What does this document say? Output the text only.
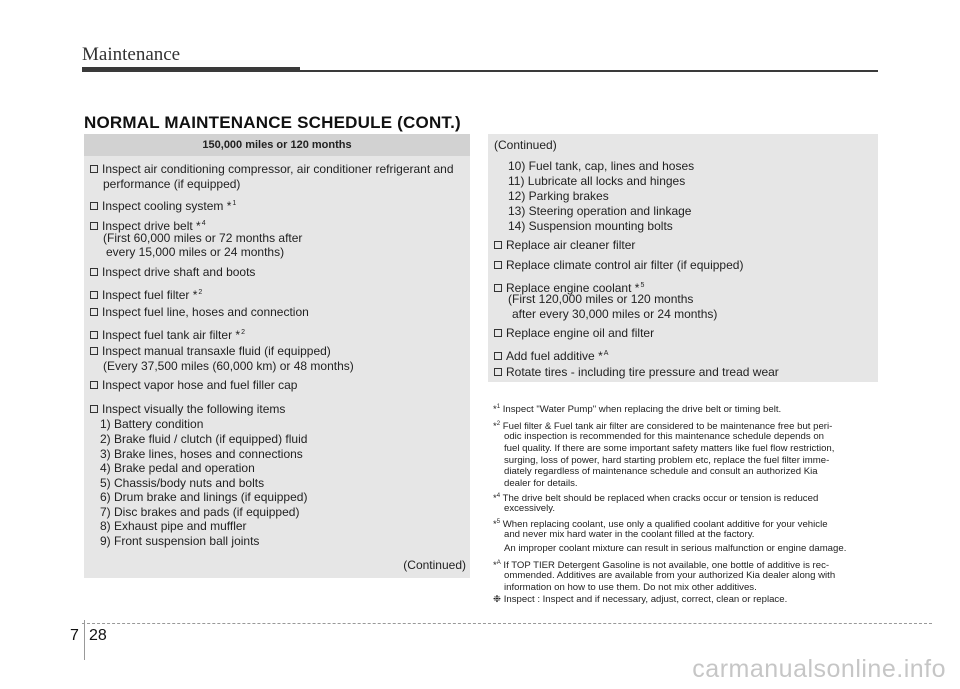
Maintenance
NORMAL MAINTENANCE SCHEDULE (CONT.)
150,000 miles or 120 months
Inspect air conditioning compressor, air conditioner refrigerant and
performance (if equipped)
Inspect cooling system *$^1$
Inspect drive belt *$^4$
(First 60,000 miles or 72 months after
every 15,000 miles or 24 months)
Inspect drive shaft and boots
Inspect fuel filter *$^2$
Inspect fuel line, hoses and connection
Inspect fuel tank air filter *$^2$
Inspect manual transaxle fluid (if equipped)
(Every 37,500 miles (60,000 km) or 48 months)
Inspect vapor hose and fuel filler cap
Inspect visually the following items
1) Battery condition
2) Brake fluid / clutch (if equipped) fluid
3) Brake lines, hoses and connections
4) Brake pedal and operation
5) Chassis/body nuts and bolts
6) Drum brake and linings (if equipped)
7) Disc brakes and pads (if equipped)
8) Exhaust pipe and muffler
9) Front suspension ball joints
(Continued)
(Continued)
10) Fuel tank, cap, lines and hoses
11) Lubricate all locks and hinges
12) Parking brakes
13) Steering operation and linkage
14) Suspension mounting bolts
Replace air cleaner filter
Replace climate control air filter (if equipped)
Replace engine coolant *$^5$
(First 120,000 miles or 120 months
after every 30,000 miles or 24 months)
Replace engine oil and filter
Add fuel additive *$^A$
Rotate tires - including tire pressure and tread wear
*$^1$ Inspect "Water Pump" when replacing the drive belt or timing belt.
*$^2$ Fuel filter & Fuel tank air filter are considered to be maintenance free but peri-
odic inspection is recommended for this maintenance schedule depends on
fuel quality. If there are some important safety matters like fuel flow restriction,
surging, loss of power, hard starting problem etc, replace the fuel filter imme-
diately regardless of maintenance schedule and consult an authorized Kia
dealer for details.
*$^4$ The drive belt should be replaced when cracks occur or tension is reduced
excessively.
*$^5$ When replacing coolant, use only a qualified coolant additive for your vehicle
and never mix hard water in the coolant filled at the factory.
An improper coolant mixture can result in serious malfunction or engine damage.
*$^A$ If TOP TIER Detergent Gasoline is not available, one bottle of additive is rec-
ommended. Additives are available from your authorized Kia dealer along with
information on how to use them. Do not mix other additives.
❉ Inspect : Inspect and if necessary, adjust, correct, clean or replace.
7 28
carmanualsonline.info
